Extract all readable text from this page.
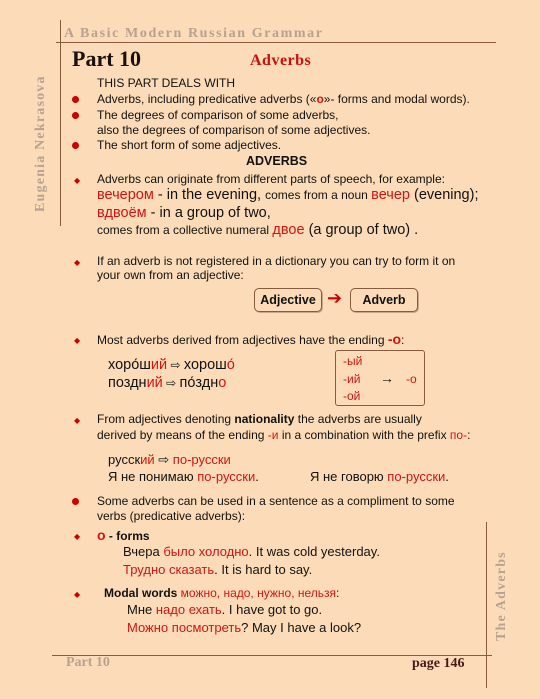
A Basic Modern Russian Grammar
Eugenia Nekrasova
The Adverbs
Part 10	Adverbs
THIS PART DEALS WITH
Adverbs, including predicative adverbs («о»- forms and modal words).
The degrees of comparison of some adverbs,
also the degrees of comparison of some adjectives.
The short form of some adjectives.
ADVERBS
◆ Adverbs can originate from different parts of speech, for example:
вечером - in the evening, comes from a noun вечер (evening);
вдвоём - in a group of two,
comes from a collective numeral двое (a group of two) .
◆ If an adverb is not registered in a dictionary you can try to form it on
your own from an adjective:
Adjective ➔	Adverb
◆ Most adverbs derived from adjectives have the ending -о:
хоро́ший ⇨ хорошо́
поздний ⇨ по́здно
-ый
-ий
-ой
→ -о
◆ From adjectives denoting nationality the adverbs are usually
derived by means of the ending -и in a combination with the prefix по-:
русский ⇨ по-русски
Я не понимаю по-русски.	Я не говорю по-русски.
Some adverbs can be used in a sentence as a compliment to some
verbs (predicative adverbs):
◆ о - forms
Вчера было холодно. It was cold yesterday.
Трудно сказать. It is hard to say.
◆ Modal words можно, надо, нужно, нельзя:
Мне надо ехать. I have got to go.
Можно посмотреть? May I have a look?
Part 10	page 146
